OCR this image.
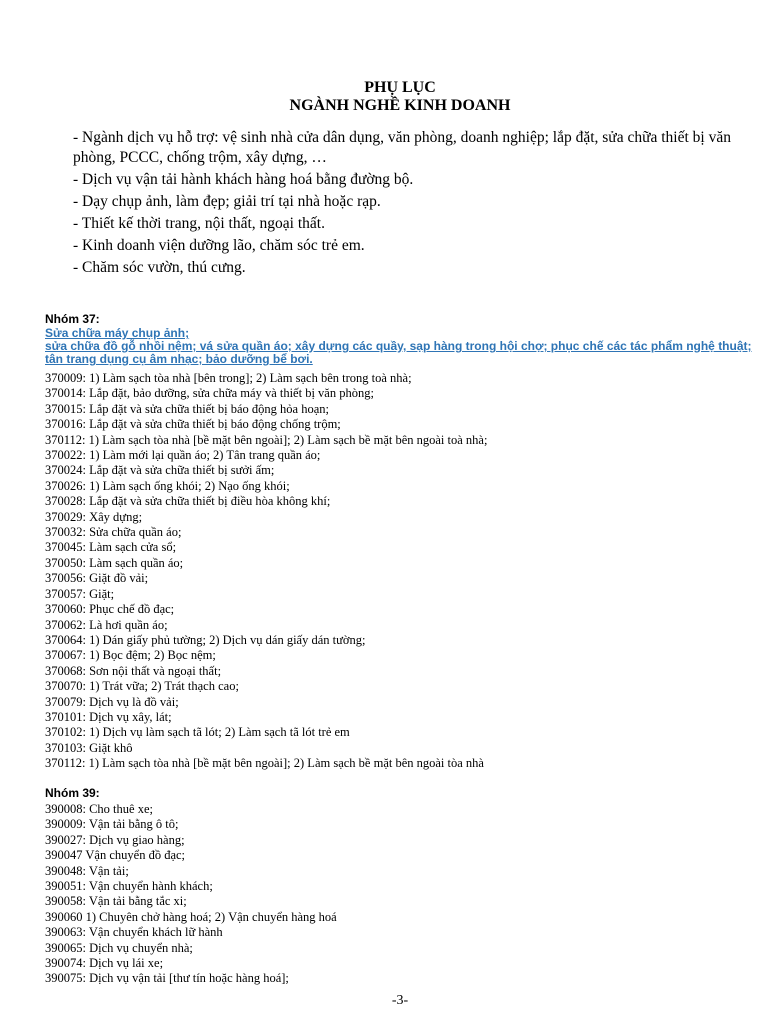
PHỤ LỤC
NGÀNH NGHỀ KINH DOANH

- Ngành dịch vụ hỗ trợ: vệ sinh nhà cửa dân dụng, văn phòng, doanh nghiệp; lắp đặt, sửa chữa thiết bị văn phòng, PCCC, chống trộm, xây dựng, …

- Dịch vụ vận tải hành khách hàng hoá bằng đường bộ.

- Dạy chụp ảnh, làm đẹp; giải trí tại nhà hoặc rạp.

- Thiết kế thời trang, nội thất, ngoại thất.

- Kinh doanh viện dưỡng lão, chăm sóc trẻ em.

- Chăm sóc vườn, thú cưng.

Nhóm 37:
Sửa chữa máy chụp ảnh;
sửa chữa đồ gỗ nhồi nệm; vá sửa quần áo; xây dựng các quầy, sạp hàng trong hội chợ; phục chế các tác phẩm nghệ thuật; tân trang dụng cụ âm nhạc; bảo dưỡng bể bơi.
370009: 1) Làm sạch tòa nhà [bên trong]; 2) Làm sạch bên trong toà nhà;
370014: Lắp đặt, bảo dưỡng, sửa chữa máy và thiết bị văn phòng;
370015: Lắp đặt và sửa chữa thiết bị báo động hỏa hoạn;
370016: Lắp đặt và sửa chữa thiết bị báo động chống trộm;
370112: 1) Làm sạch tòa nhà [bề mặt bên ngoài]; 2) Làm sạch bề mặt bên ngoài toà nhà;
370022: 1) Làm mới lại quần áo; 2) Tân trang quần áo;
370024: Lắp đặt và sửa chữa thiết bị sưởi ấm;
370026: 1) Làm sạch ống khói; 2) Nạo ống khói;
370028: Lắp đặt và sửa chữa thiết bị điều hòa không khí;
370029: Xây dựng;
370032: Sửa chữa quần áo;
370045: Làm sạch cửa sổ;
370050: Làm sạch quần áo;
370056: Giặt đồ vải;
370057: Giặt;
370060: Phục chế đồ đạc;
370062: Là hơi quần áo;
370064: 1) Dán giấy phủ tường; 2) Dịch vụ dán giấy dán tường;
370067: 1) Bọc đệm; 2) Bọc nệm;
370068: Sơn nội thất và ngoại thất;
370070: 1) Trát vữa; 2) Trát thạch cao;
370079: Dịch vụ là đồ vải;
370101: Dịch vụ xây, lát;
370102: 1) Dịch vụ làm sạch tã lót; 2) Làm sạch tã lót trẻ em
370103: Giặt khô
370112: 1) Làm sạch tòa nhà [bề mặt bên ngoài]; 2) Làm sạch bề mặt bên ngoài tòa nhà
Nhóm 39:
390008: Cho thuê xe;
390009: Vận tải bằng ô tô;
390027: Dịch vụ giao hàng;
390047 Vận chuyển đồ đạc;
390048: Vận tải;
390051: Vận chuyển hành khách;
390058: Vận tải bằng tắc xi;
390060 1) Chuyên chở hàng hoá; 2) Vận chuyển hàng hoá
390063: Vận chuyển khách lữ hành
390065: Dịch vụ chuyển nhà;
390074: Dịch vụ lái xe;
390075: Dịch vụ vận tải [thư tín hoặc hàng hoá];
-3-
